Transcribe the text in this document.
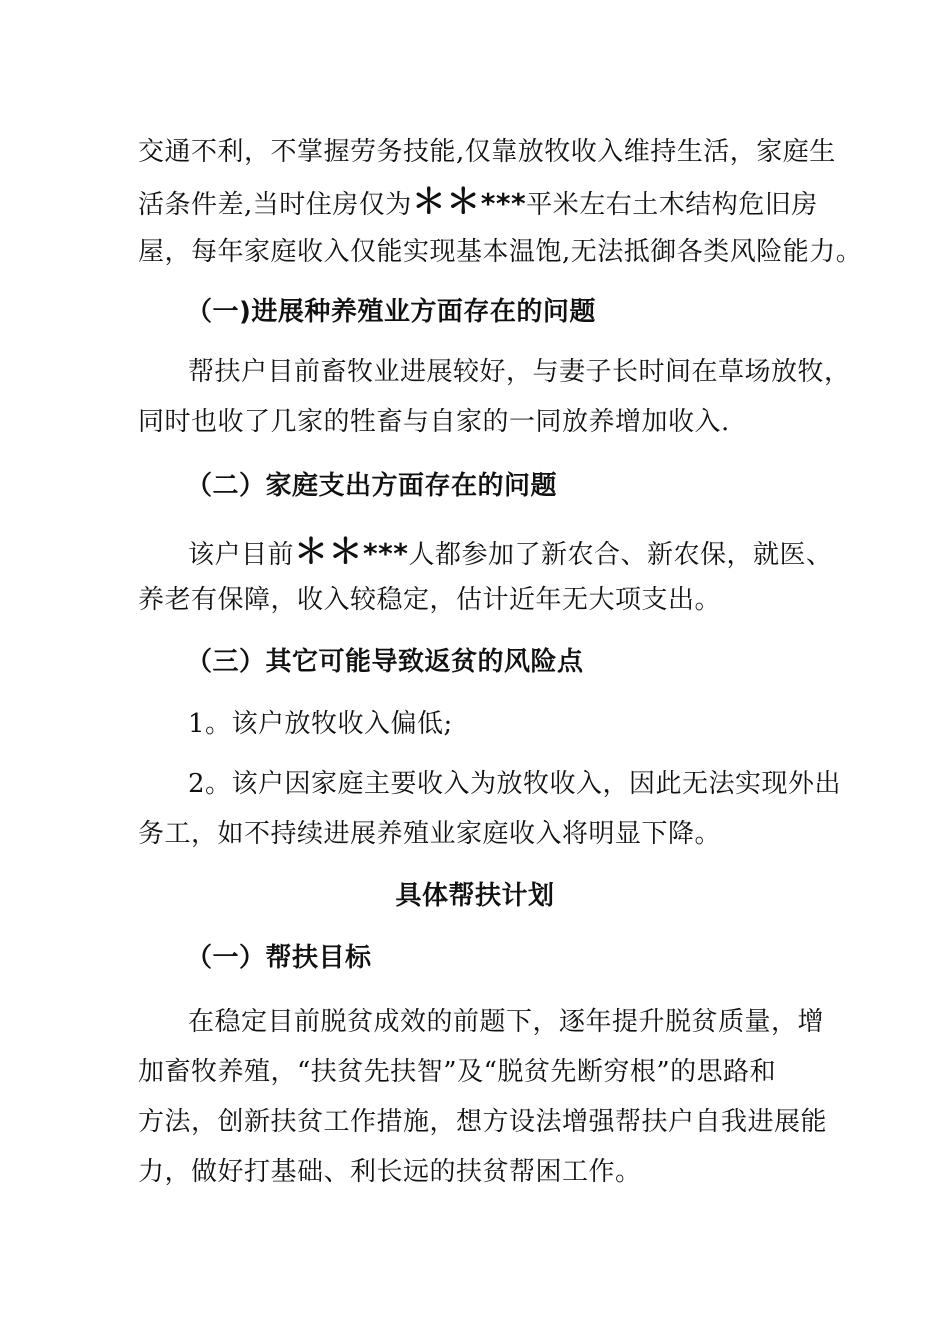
交通不利，不掌握劳务技能,仅靠放牧收入维持生活，家庭生
活条件差,当时住房仅为＊＊***平米左右土木结构危旧房
屋，每年家庭收入仅能实现基本温饱,无法抵御各类风险能力。
（一)进展种养殖业方面存在的问题
帮扶户目前畜牧业进展较好，与妻子长时间在草场放牧，
同时也收了几家的牲畜与自家的一同放养增加收入.
（二）家庭支出方面存在的问题
该户目前＊＊***人都参加了新农合、新农保，就医、
养老有保障，收入较稳定，估计近年无大项支出。
（三）其它可能导致返贫的风险点
1。该户放牧收入偏低;
2。该户因家庭主要收入为放牧收入，因此无法实现外出
务工，如不持续进展养殖业家庭收入将明显下降。
具体帮扶计划
（一）帮扶目标
在稳定目前脱贫成效的前题下，逐年提升脱贫质量，增
加畜牧养殖，“扶贫先扶智”及“脱贫先断穷根”的思路和
方法，创新扶贫工作措施，想方设法增强帮扶户自我进展能
力，做好打基础、利长远的扶贫帮困工作。
